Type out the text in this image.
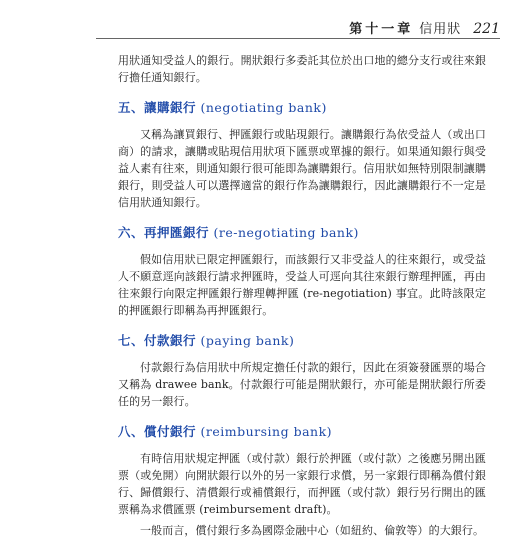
第十一章 信用狀 221

用狀通知受益人的銀行。開狀銀行多委託其位於出口地的總分支行或往來銀行擔任通知銀行。

五、讓購銀行 (negotiating bank)

又稱為讓買銀行、押匯銀行或貼現銀行。讓購銀行為依受益人（或出口商）的請求，讓購或貼現信用狀項下匯票或單據的銀行。如果通知銀行與受益人素有往來，則通知銀行很可能即為讓購銀行。信用狀如無特別限制讓購銀行，則受益人可以選擇適當的銀行作為讓購銀行，因此讓購銀行不一定是信用狀通知銀行。

六、再押匯銀行 (re-negotiating bank)

假如信用狀已限定押匯銀行，而該銀行又非受益人的往來銀行，或受益人不願意逕向該銀行請求押匯時，受益人可逕向其往來銀行辦理押匯，再由往來銀行向限定押匯銀行辦理轉押匯 (re-negotiation) 事宜。此時該限定的押匯銀行即稱為再押匯銀行。

七、付款銀行 (paying bank)

付款銀行為信用狀中所規定擔任付款的銀行，因此在須簽發匯票的場合又稱為 drawee bank。付款銀行可能是開狀銀行，亦可能是開狀銀行所委任的另一銀行。

八、償付銀行 (reimbursing bank)

有時信用狀規定押匯（或付款）銀行於押匯（或付款）之後應另開出匯票（或免開）向開狀銀行以外的另一家銀行求償，另一家銀行即稱為償付銀行、歸償銀行、清償銀行或補償銀行，而押匯（或付款）銀行另行開出的匯票稱為求償匯票 (reimbursement draft)。

一般而言，償付銀行多為國際金融中心（如紐約、倫敦等）的大銀行。
